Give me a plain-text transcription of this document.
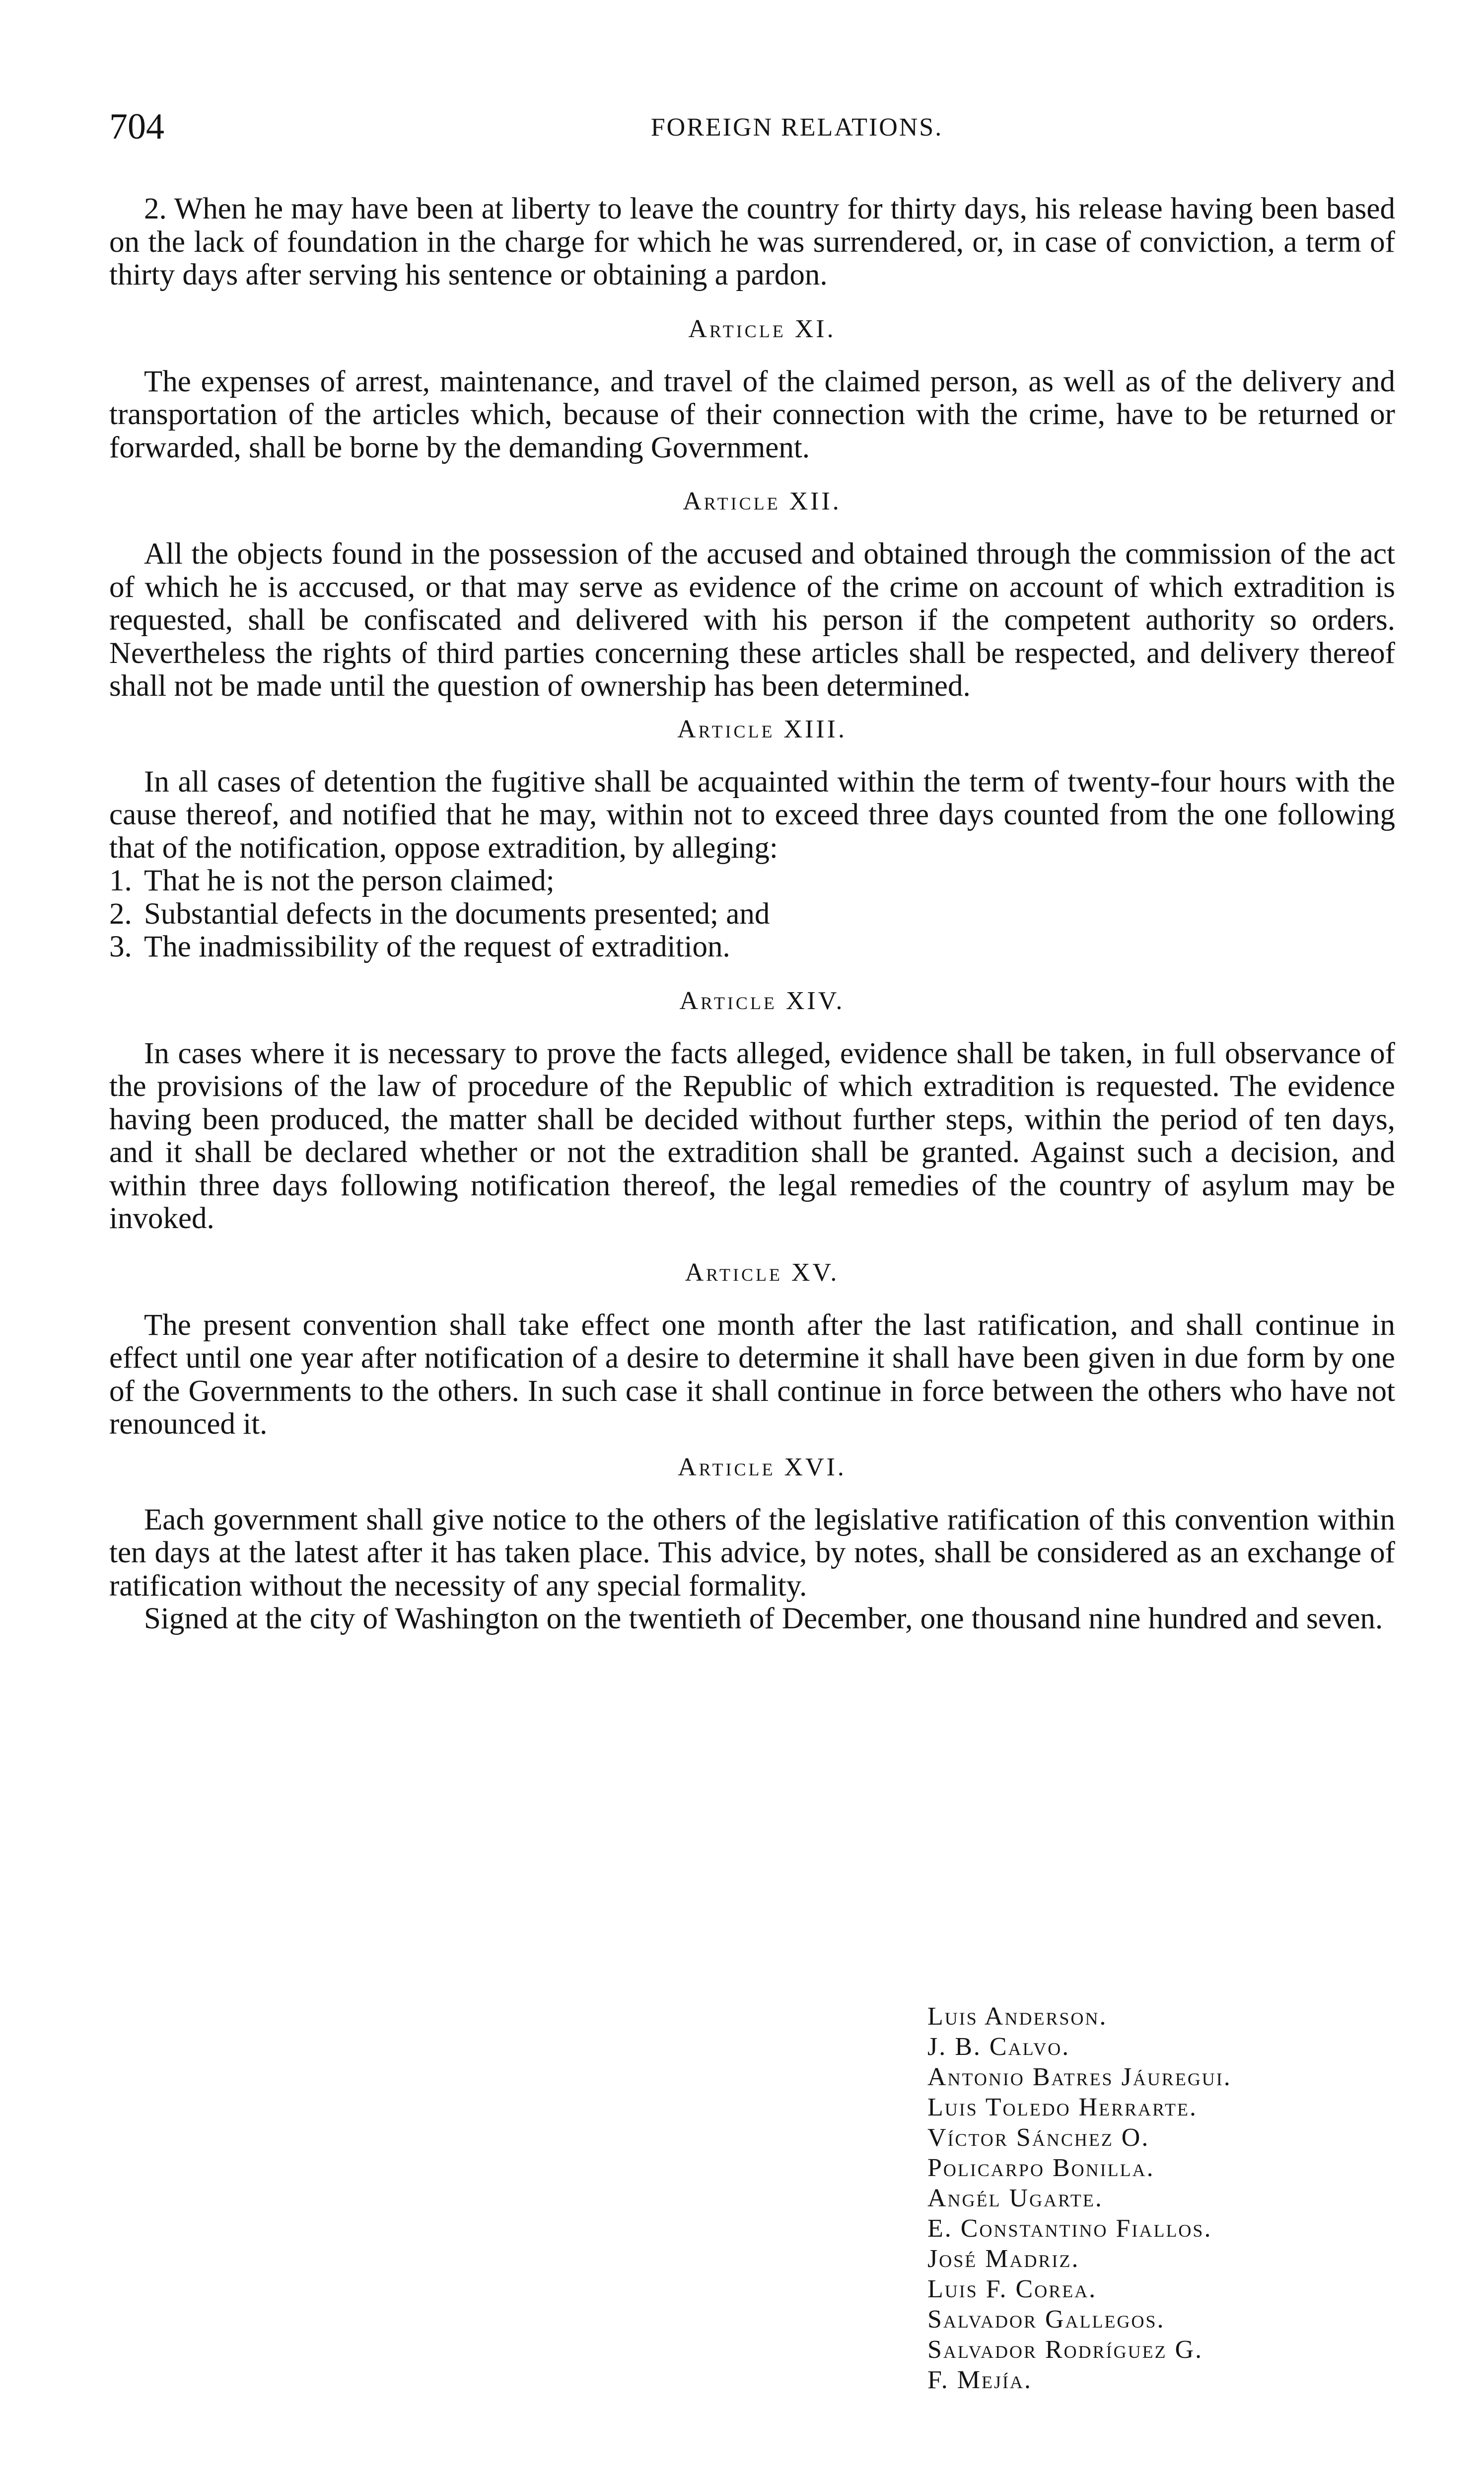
704	FOREIGN RELATIONS.

2. When he may have been at liberty to leave the country for thirty days, his release having been based on the lack of foundation in the charge for which he was surrendered, or, in case of conviction, a term of thirty days after serving his sentence or obtaining a pardon.

Article XI.

The expenses of arrest, maintenance, and travel of the claimed person, as well as of the delivery and transportation of the articles which, because of their connection with the crime, have to be returned or forwarded, shall be borne by the demanding Government.

Article XII.

All the objects found in the possession of the accused and obtained through the commission of the act of which he is acccused, or that may serve as evidence of the crime on account of which extradition is requested, shall be confiscated and delivered with his person if the competent authority so orders. Nevertheless the rights of third parties concerning these articles shall be respected, and delivery thereof shall not be made until the question of ownership has been determined.

Article XIII.

In all cases of detention the fugitive shall be acquainted within the term of twenty-four hours with the cause thereof, and notified that he may, within not to exceed three days counted from the one following that of the notification, oppose extradition, by alleging:

1. That he is not the person claimed;
2. Substantial defects in the documents presented; and
3. The inadmissibility of the request of extradition.
Article XIV.

In cases where it is necessary to prove the facts alleged, evidence shall be taken, in full observance of the provisions of the law of procedure of the Republic of which extradition is requested. The evidence having been produced, the matter shall be decided without further steps, within the period of ten days, and it shall be declared whether or not the extradition shall be granted. Against such a decision, and within three days following notification thereof, the legal remedies of the country of asylum may be invoked.

Article XV.

The present convention shall take effect one month after the last ratification, and shall continue in effect until one year after notification of a desire to determine it shall have been given in due form by one of the Governments to the others. In such case it shall continue in force between the others who have not renounced it.

Article XVI.

Each government shall give notice to the others of the legislative ratification of this convention within ten days at the latest after it has taken place. This advice, by notes, shall be considered as an exchange of ratification without the necessity of any special formality.

Signed at the city of Washington on the twentieth of December, one thousand nine hundred and seven.

Luis Anderson.
J. B. Calvo.
Antonio Batres Jáuregui.
Luis Toledo Herrarte.
Víctor Sánchez O.
Policarpo Bonilla.
Angél Ugarte.
E. Constantino Fiallos.
José Madriz.
Luis F. Corea.
Salvador Gallegos.
Salvador Rodríguez G.
F. Mejía.
